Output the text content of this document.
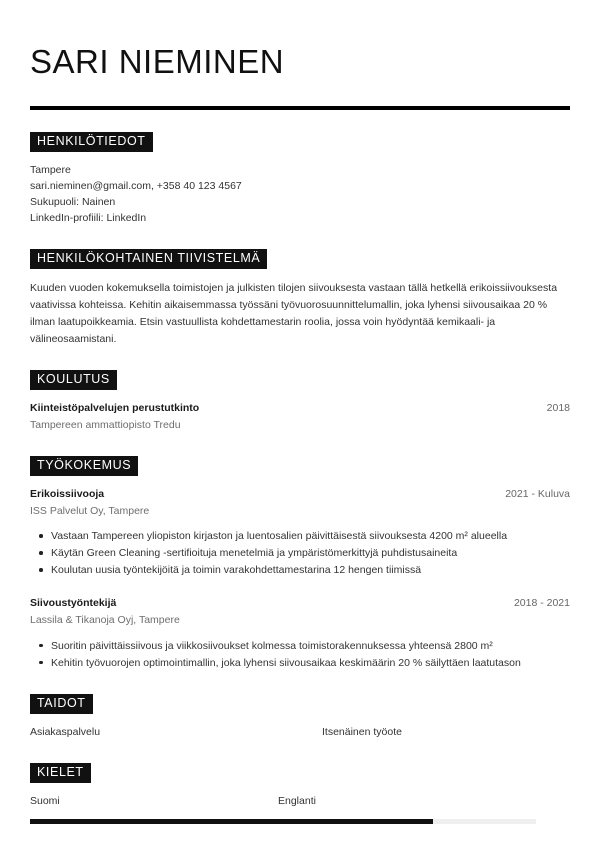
SARI NIEMINEN
HENKILÖTIEDOT
Tampere
sari.nieminen@gmail.com, +358 40 123 4567
Sukupuoli: Nainen
LinkedIn-profiili: LinkedIn
HENKILÖKOHTAINEN TIIVISTELMÄ

Kuuden vuoden kokemuksella toimistojen ja julkisten tilojen siivouksesta vastaan tällä hetkellä erikoissiivouksesta vaativissa kohteissa. Kehitin aikaisemmassa työssäni työvuorosuunnittelumallin, joka lyhensi siivousaikaa 20 % ilman laatupoikkeamia. Etsin vastuullista kohdettamestarin roolia, jossa voin hyödyntää kemikaali- ja välineosaamistani.

KOULUTUS
Kiinteistöpalvelujen perustutkinto	2018
Tampereen ammattiopisto Tredu
TYÖKOKEMUS
Erikoissiivooja	2021 - Kuluva
ISS Palvelut Oy, Tampere
Vastaan Tampereen yliopiston kirjaston ja luentosalien päivittäisestä siivouksesta 4200 m² alueella
Käytän Green Cleaning -sertifioituja menetelmiä ja ympäristömerkittyjä puhdistusaineita
Koulutan uusia työntekijöitä ja toimin varakohdettamestarina 12 hengen tiimissä
Siivoustyöntekijä	2018 - 2021
Lassila & Tikanoja Oyj, Tampere
Suoritin päivittäissiivous ja viikkosiivoukset kolmessa toimistorakennuksessa yhteensä 2800 m²
Kehitin työvuorojen optimointimallin, joka lyhensi siivousaikaa keskimäärin 20 % säilyttäen laatutason
TAIDOT
Asiakaspalvelu	Itsenäinen työote
KIELET
Suomi	Englanti
